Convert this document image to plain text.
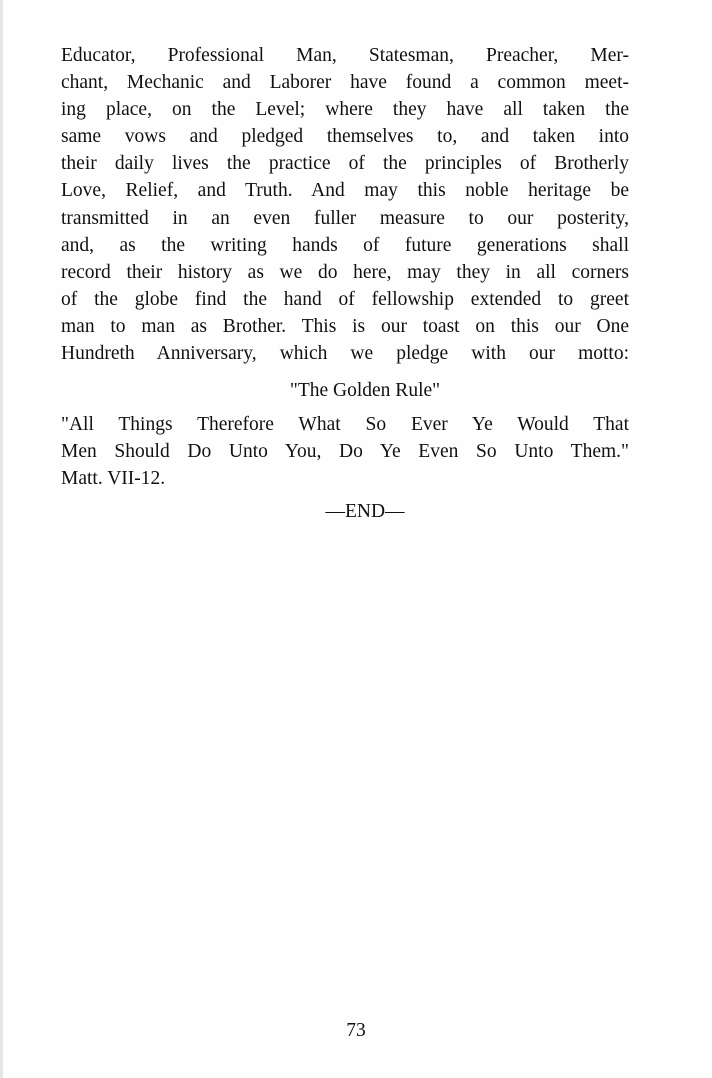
Educator, Professional Man, Statesman, Preacher, Mer-
chant, Mechanic and Laborer have found a common meet-
ing place, on the Level; where they have all taken the
same vows and pledged themselves to, and taken into
their daily lives the practice of the principles of Brotherly
Love, Relief, and Truth. And may this noble heritage be
transmitted in an even fuller measure to our posterity,
and, as the writing hands of future generations shall
record their history as we do here, may they in all corners
of the globe find the hand of fellowship extended to greet
man to man as Brother. This is our toast on this our One
Hundreth Anniversary, which we pledge with our motto:
"The Golden Rule"
"All Things Therefore What So Ever Ye Would That
Men Should Do Unto You, Do Ye Even So Unto Them."
Matt. VII-12.
—END—
73
